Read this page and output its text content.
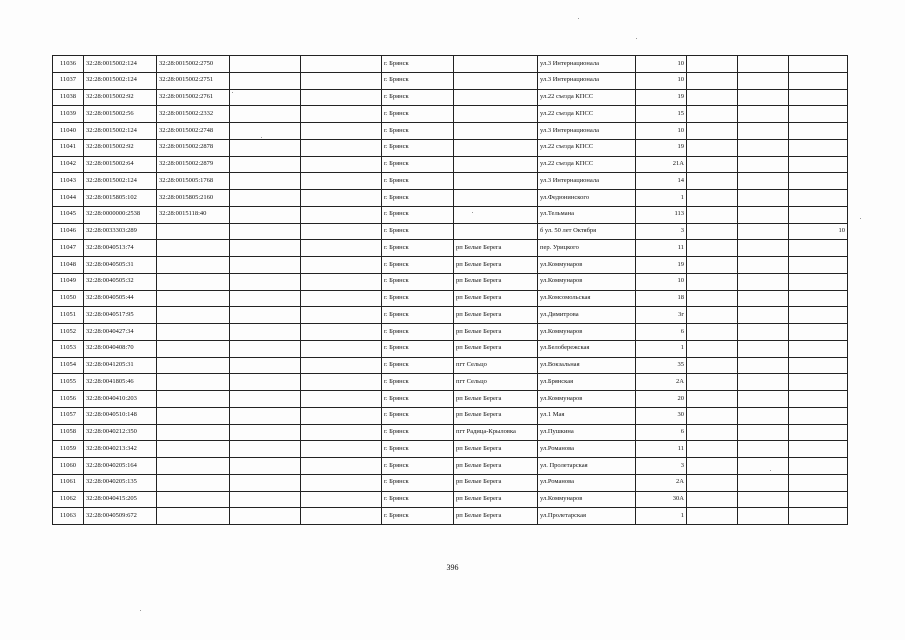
11036	32:28:0015002:124	32:28:0015002:2750			г. Брянск		ул.3 Интернационала	10			
11037	32:28:0015002:124	32:28:0015002:2751			г. Брянск		ул.3 Интернационала	10			
11038	32:28:0015002:92	32:28:0015002:2761			г. Брянск		ул.22 съезда КПСС	19			
11039	32:28:0015002:56	32:28:0015002:2332			г. Брянск		ул.22 съезда КПСС	15			
11040	32:28:0015002:124	32:28:0015002:2748			г. Брянск		ул.3 Интернационала	10			
11041	32:28:0015002:92	32:28:0015002:2878			г. Брянск		ул.22 съезда КПСС	19			
11042	32:28:0015002:64	32:28:0015002:2879			г. Брянск		ул.22 съезда КПСС	21А			
11043	32:28:0015002:124	32:28:0015005:1768			г. Брянск		ул.3 Интернационала	14			
11044	32:28:0015805:102	32:28:0015805:2160			г. Брянск		ул.Федюнинского	1			
11045	32:28:0000000:2538	32:28:0015118:40			г. Брянск		ул.Тельмана	113			
11046	32:28:0033303:289				г. Брянск		б ул. 50 лет Октября	3			10
11047	32:28:0040513:74				г. Брянск	рп Белые Берега	пер. Урицкого	11			
11048	32:28:0040505:31				г. Брянск	рп Белые Берега	ул.Коммунаров	19			
11049	32:28:0040505:32				г. Брянск	рп Белые Берега	ул.Коммунаров	10			
11050	32:28:0040505:44				г. Брянск	рп Белые Берега	ул.Комсомольская	18			
11051	32:28:0040517:95				г. Брянск	рп Белые Берега	ул.Димитрова	3г			
11052	32:28:0040427:34				г. Брянск	рп Белые Берега	ул.Коммунаров	6			
11053	32:28:0040408:70				г. Брянск	рп Белые Берега	ул.Белобережская	1			
11054	32:28:0041205:31				г. Брянск	пгт Сельцо	ул.Вокзальная	35			
11055	32:28:0041805:46				г. Брянск	пгт Сельцо	ул.Брянская	2А			
11056	32:28:0040410:203				г. Брянск	рп Белые Берега	ул.Коммунаров	20			
11057	32:28:0040510:148				г. Брянск	рп Белые Берега	ул.1 Мая	30			
11058	32:28:0040212:350				г. Брянск	пгт Радица-Крыловка	ул.Пушкина	6			
11059	32:28:0040213:342				г. Брянск	рп Белые Берега	ул.Романова	11			
11060	32:28:0040205:164				г. Брянск	рп Белые Берега	ул. Пролетарская	3			
11061	32:28:0040205:135				г. Брянск	рп Белые Берега	ул.Романова	2А			
11062	32:28:0040415:205				г. Брянск	рп Белые Берега	ул.Коммунаров	30А			
11063	32:28:0040509:672				г. Брянск	рп Белые Берега	ул.Пролетарская	1			
396
